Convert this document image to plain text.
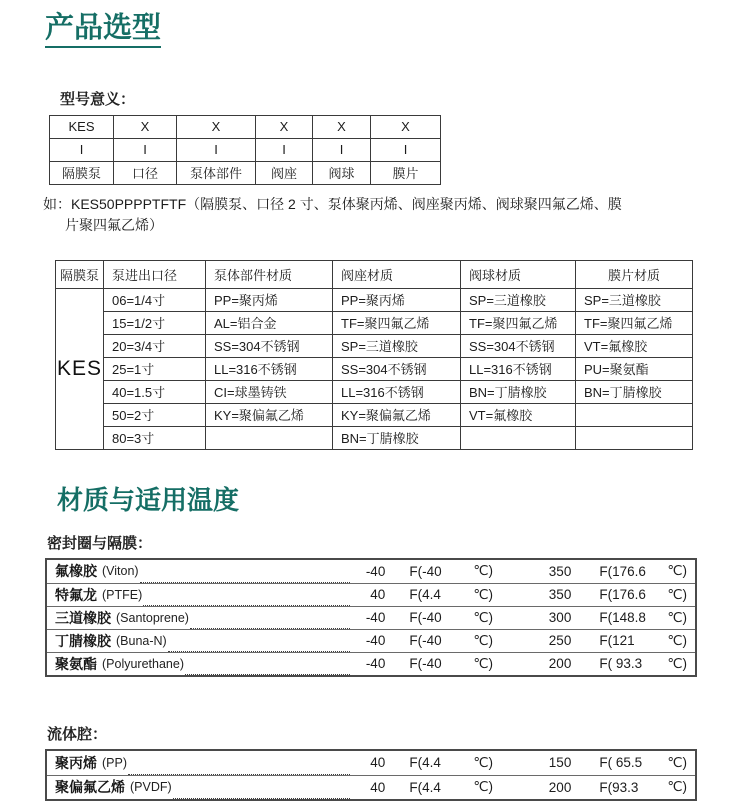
产品选型
型号意义：
KES	X	X	X	X	X
I	I	I	I	I	I
隔膜泵	口径	泵体部件	阀座	阀球	膜片
如：KES50PPPPTFTF（隔膜泵、口径 2 寸、泵体聚丙烯、阀座聚丙烯、阀球聚四氟乙烯、膜
片聚四氟乙烯）
隔膜泵	泵进出口径	泵体部件材质	阀座材质	阀球材质	膜片材质
KES	06=1/4寸	PP=聚丙烯	PP=聚丙烯	SP=三道橡胶	SP=三道橡胶
	15=1/2寸	AL=铝合金	TF=聚四氟乙烯	TF=聚四氟乙烯	TF=聚四氟乙烯
	20=3/4寸	SS=304不锈钢	SP=三道橡胶	SS=304不锈钢	VT=氟橡胶
	25=1寸	LL=316不锈钢	SS=304不锈钢	LL=316不锈钢	PU=聚氨酯
	40=1.5寸	CI=球墨铸铁	LL=316不锈钢	BN=丁腈橡胶	BN=丁腈橡胶
	50=2寸	KY=聚偏氟乙烯	KY=聚偏氟乙烯	VT=氟橡胶	
	80=3寸		BN=丁腈橡胶		
材质与适用温度
密封圈与隔膜：
氟橡胶 (Viton)	-40 F(-40	℃)	350 F(176.6	℃)
特氟龙 (PTFE)	40 F(4.4	℃)	350 F(176.6	℃)
三道橡胶 (Santoprene)	-40 F(-40	℃)	300 F(148.8	℃)
丁腈橡胶 (Buna-N)	-40 F(-40	℃)	250 F(121	℃)
聚氨酯 (Polyurethane)	-40 F(-40	℃)	200 F( 93.3	℃)
流体腔：
聚丙烯 (PP)	40 F(4.4	℃)	150 F( 65.5	℃)
聚偏氟乙烯 (PVDF)	40 F(4.4	℃)	200 F(93.3	℃)
